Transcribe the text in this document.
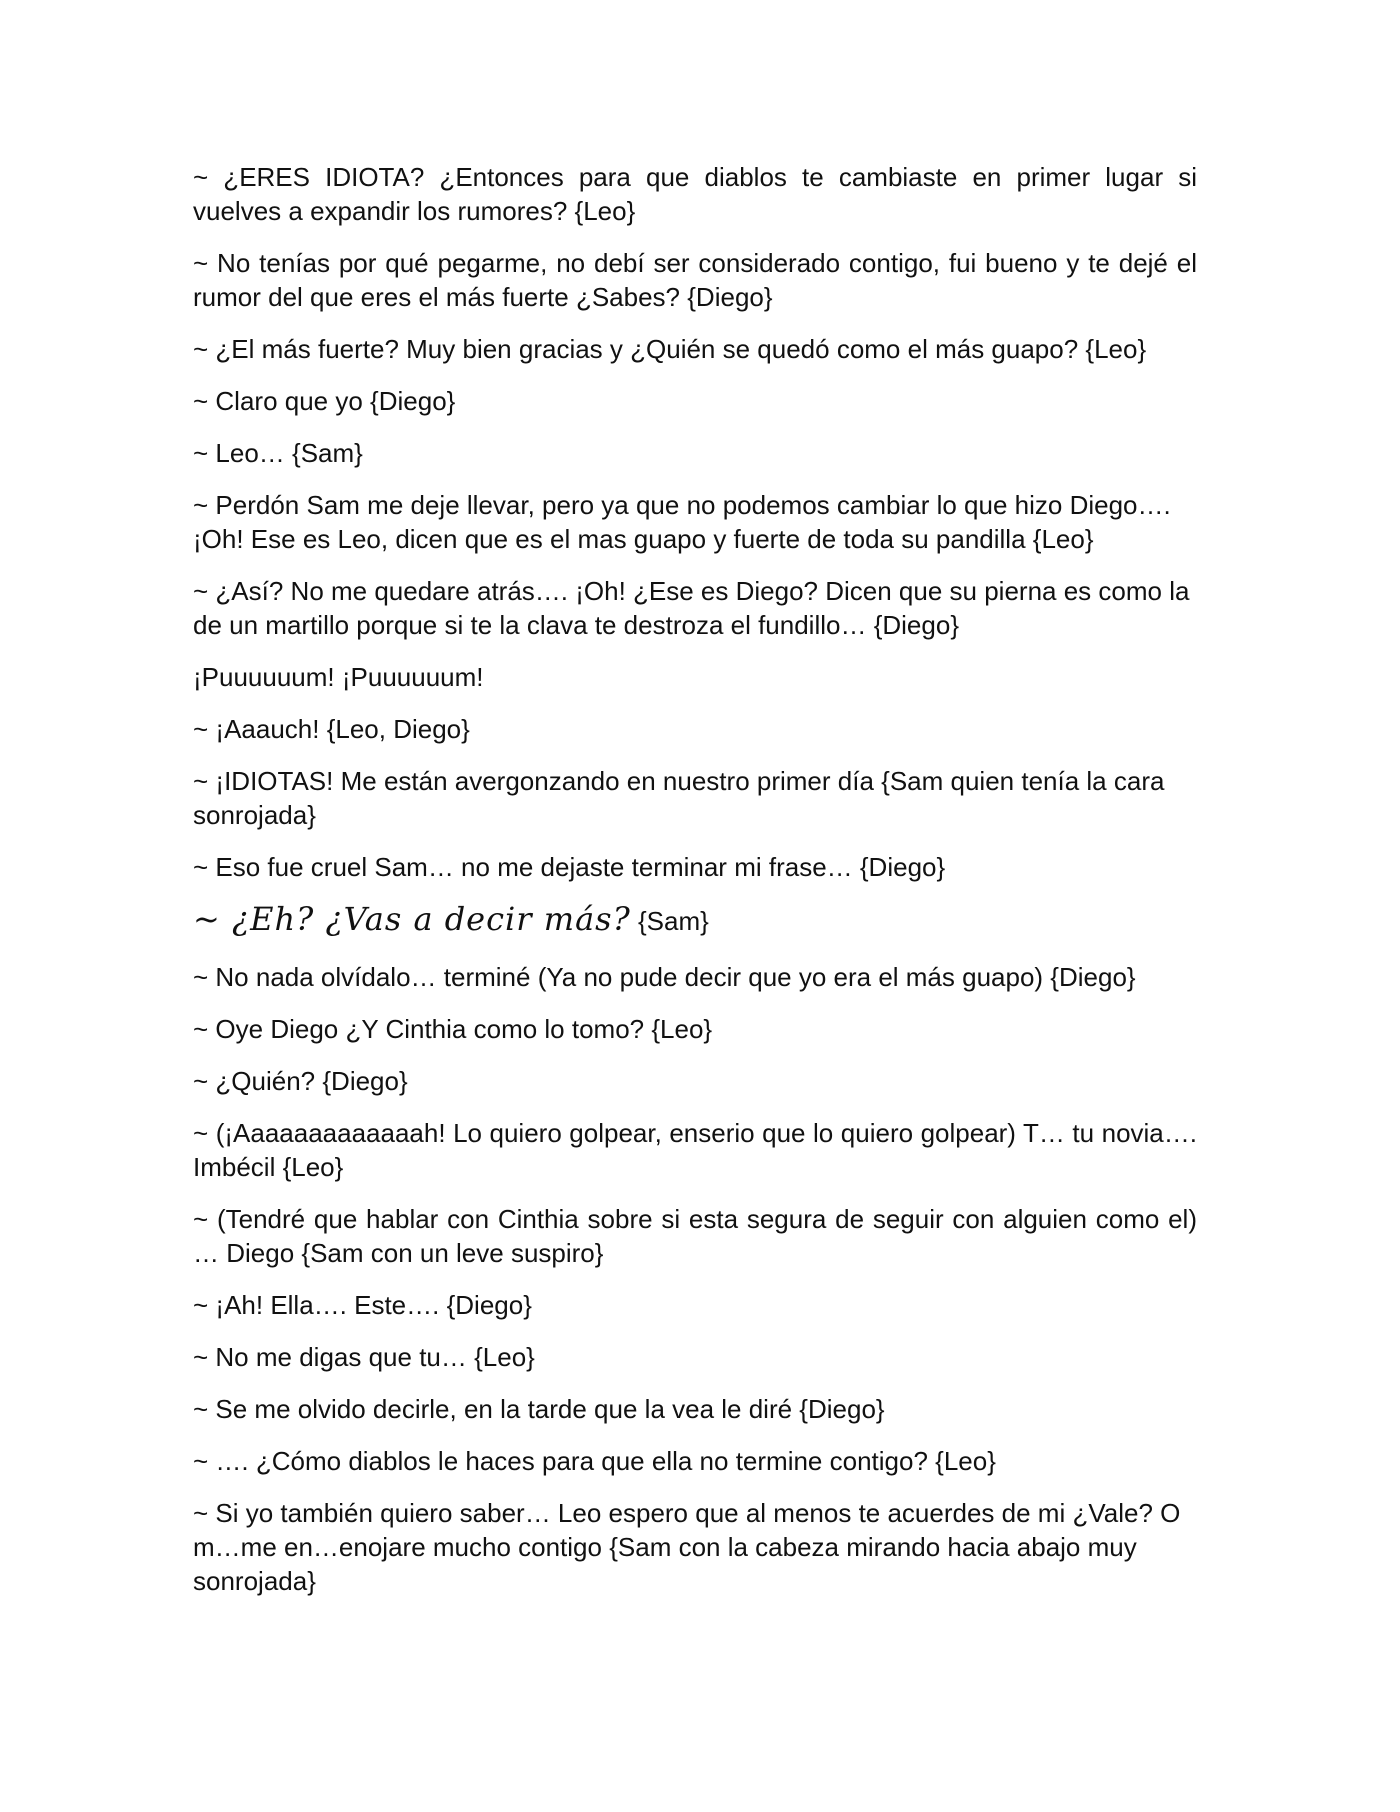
~ ¿ERES IDIOTA? ¿Entonces para que diablos te cambiaste en primer lugar si vuelves a expandir los rumores? {Leo}

~ No tenías por qué pegarme, no debí ser considerado contigo, fui bueno y te dejé el rumor del que eres el más fuerte ¿Sabes? {Diego}

~ ¿El más fuerte? Muy bien gracias y ¿Quién se quedó como el más guapo? {Leo}

~ Claro que yo {Diego}

~ Leo… {Sam}

~ Perdón Sam me deje llevar, pero ya que no podemos cambiar lo que hizo Diego…. ¡Oh! Ese es Leo, dicen que es el mas guapo y fuerte de toda su pandilla {Leo}

~ ¿Así? No me quedare atrás…. ¡Oh! ¿Ese es Diego? Dicen que su pierna es como la de un martillo porque si te la clava te destroza el fundillo… {Diego}

¡Puuuuuum! ¡Puuuuuum!

~ ¡Aaauch! {Leo, Diego}

~ ¡IDIOTAS! Me están avergonzando en nuestro primer día {Sam quien tenía la cara sonrojada}

~ Eso fue cruel Sam… no me dejaste terminar mi frase… {Diego}

~ ¿Eh? ¿Vas a decir más? {Sam}

~ No nada olvídalo… terminé (Ya no pude decir que yo era el más guapo) {Diego}

~ Oye Diego ¿Y Cinthia como lo tomo? {Leo}

~ ¿Quién? {Diego}

~ (¡Aaaaaaaaaaaaah! Lo quiero golpear, enserio que lo quiero golpear) T… tu novia…. Imbécil {Leo}

~ (Tendré que hablar con Cinthia sobre si esta segura de seguir con alguien como el) … Diego {Sam con un leve suspiro}

~ ¡Ah! Ella…. Este…. {Diego}

~ No me digas que tu… {Leo}

~ Se me olvido decirle, en la tarde que la vea le diré {Diego}

~ …. ¿Cómo diablos le haces para que ella no termine contigo? {Leo}

~ Si yo también quiero saber… Leo espero que al menos te acuerdes de mi ¿Vale? O m…me en…enojare mucho contigo {Sam con la cabeza mirando hacia abajo muy sonrojada}
